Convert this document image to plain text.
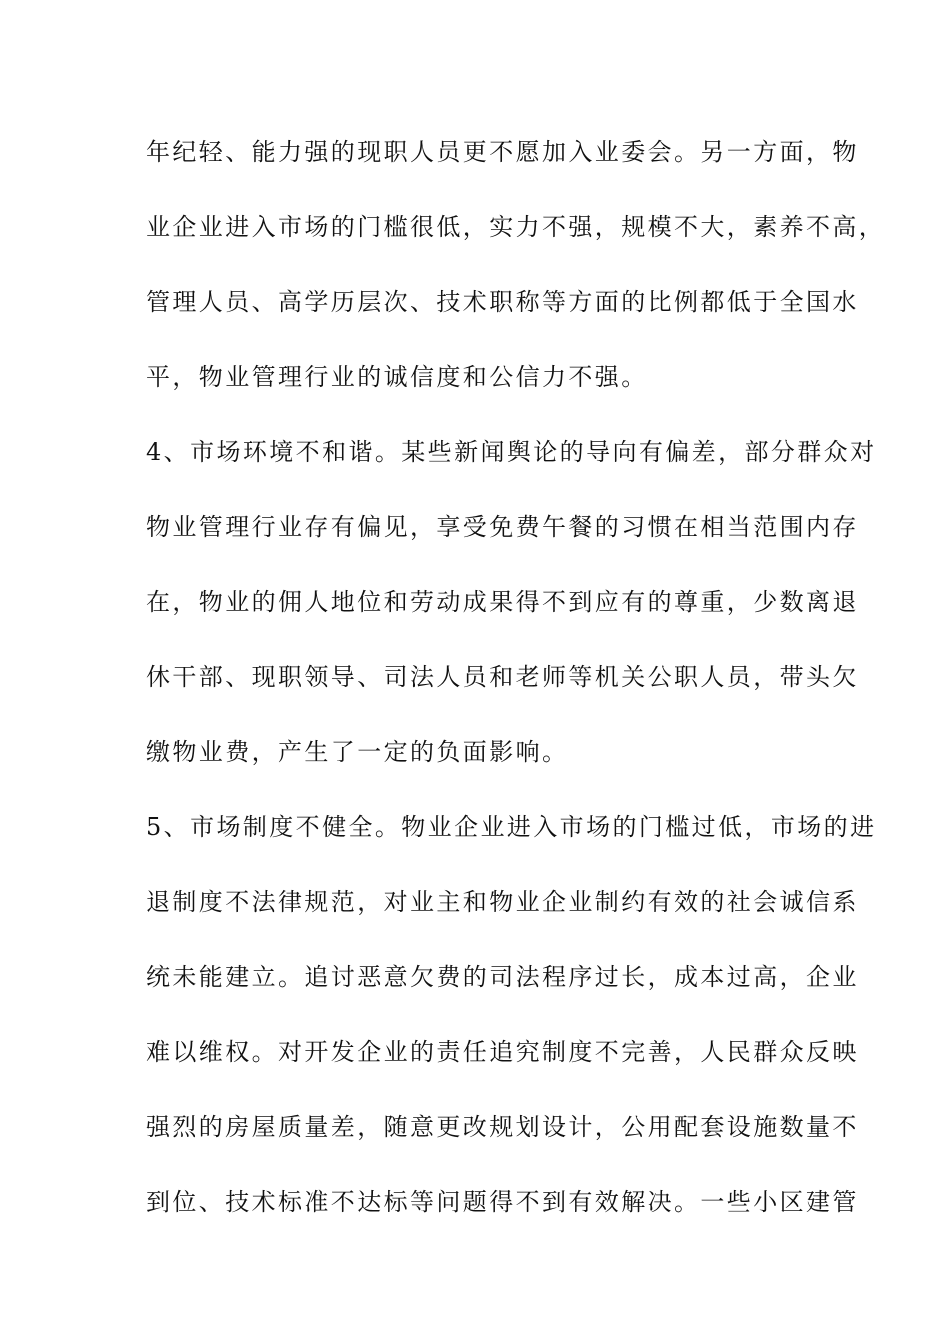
年纪轻、能力强的现职人员更不愿加入业委会。另一方面，物
业企业进入市场的门槛很低，实力不强，规模不大，素养不高，
管理人员、高学历层次、技术职称等方面的比例都低于全国水
平，物业管理行业的诚信度和公信力不强。
4、市场环境不和谐。某些新闻舆论的导向有偏差，部分群众对
物业管理行业存有偏见，享受免费午餐的习惯在相当范围内存
在，物业的佣人地位和劳动成果得不到应有的尊重，少数离退
休干部、现职领导、司法人员和老师等机关公职人员，带头欠
缴物业费，产生了一定的负面影响。
5、市场制度不健全。物业企业进入市场的门槛过低，市场的进
退制度不法律规范，对业主和物业企业制约有效的社会诚信系
统未能建立。追讨恶意欠费的司法程序过长，成本过高，企业
难以维权。对开发企业的责任追究制度不完善，人民群众反映
强烈的房屋质量差，随意更改规划设计，公用配套设施数量不
到位、技术标准不达标等问题得不到有效解决。一些小区建管
